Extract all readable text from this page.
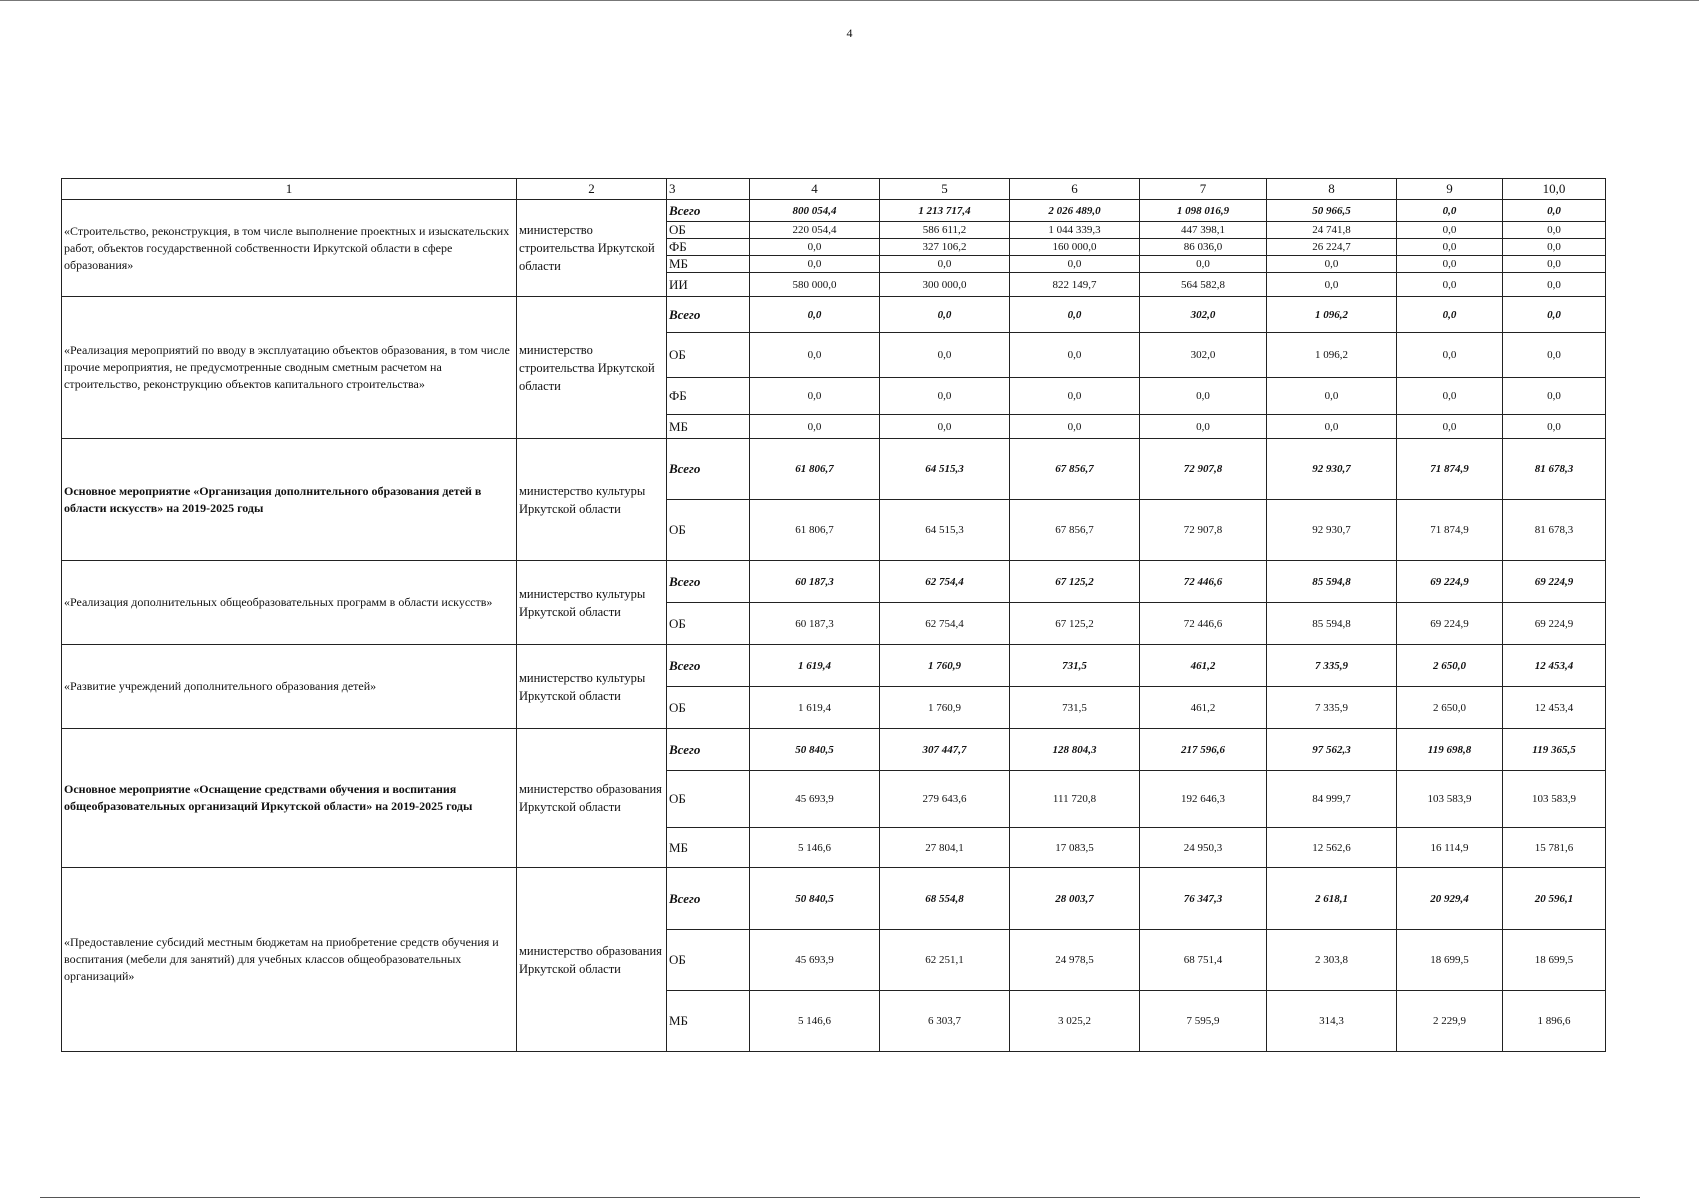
4
1	2	3	4	5	6	7	8	9	10,0
«Строительство, реконструкция, в том числе выполнение проектных и изыскательских работ, объектов государственной собственности Иркутской области в сфере образования»	министерство строительства Иркутской области	Всего	800 054,4	1 213 717,4	2 026 489,0	1 098 016,9	50 966,5	0,0	0,0
		ОБ	220 054,4	586 611,2	1 044 339,3	447 398,1	24 741,8	0,0	0,0
		ФБ	0,0	327 106,2	160 000,0	86 036,0	26 224,7	0,0	0,0
		МБ	0,0	0,0	0,0	0,0	0,0	0,0	0,0
		ИИ	580 000,0	300 000,0	822 149,7	564 582,8	0,0	0,0	0,0
«Реализация мероприятий по вводу в эксплуатацию объектов образования, в том числе прочие мероприятия, не предусмотренные сводным сметным расчетом на строительство, реконструкцию объектов капитального строительства»	министерство строительства Иркутской области	Всего	0,0	0,0	0,0	302,0	1 096,2	0,0	0,0
		ОБ	0,0	0,0	0,0	302,0	1 096,2	0,0	0,0
		ФБ	0,0	0,0	0,0	0,0	0,0	0,0	0,0
		МБ	0,0	0,0	0,0	0,0	0,0	0,0	0,0
Основное мероприятие «Организация дополнительного образования детей в области искусств» на 2019-2025 годы	министерство культуры Иркутской области	Всего	61 806,7	64 515,3	67 856,7	72 907,8	92 930,7	71 874,9	81 678,3
		ОБ	61 806,7	64 515,3	67 856,7	72 907,8	92 930,7	71 874,9	81 678,3
«Реализация дополнительных общеобразовательных программ в области искусств»	министерство культуры Иркутской области	Всего	60 187,3	62 754,4	67 125,2	72 446,6	85 594,8	69 224,9	69 224,9
		ОБ	60 187,3	62 754,4	67 125,2	72 446,6	85 594,8	69 224,9	69 224,9
«Развитие учреждений дополнительного образования детей»	министерство культуры Иркутской области	Всего	1 619,4	1 760,9	731,5	461,2	7 335,9	2 650,0	12 453,4
		ОБ	1 619,4	1 760,9	731,5	461,2	7 335,9	2 650,0	12 453,4
Основное мероприятие «Оснащение средствами обучения и воспитания общеобразовательных организаций Иркутской области» на 2019-2025 годы	министерство образования Иркутской области	Всего	50 840,5	307 447,7	128 804,3	217 596,6	97 562,3	119 698,8	119 365,5
		ОБ	45 693,9	279 643,6	111 720,8	192 646,3	84 999,7	103 583,9	103 583,9
		МБ	5 146,6	27 804,1	17 083,5	24 950,3	12 562,6	16 114,9	15 781,6
«Предоставление субсидий местным бюджетам на приобретение средств обучения и воспитания (мебели для занятий) для учебных классов общеобразовательных организаций»	министерство образования Иркутской области	Всего	50 840,5	68 554,8	28 003,7	76 347,3	2 618,1	20 929,4	20 596,1
		ОБ	45 693,9	62 251,1	24 978,5	68 751,4	2 303,8	18 699,5	18 699,5
		МБ	5 146,6	6 303,7	3 025,2	7 595,9	314,3	2 229,9	1 896,6
